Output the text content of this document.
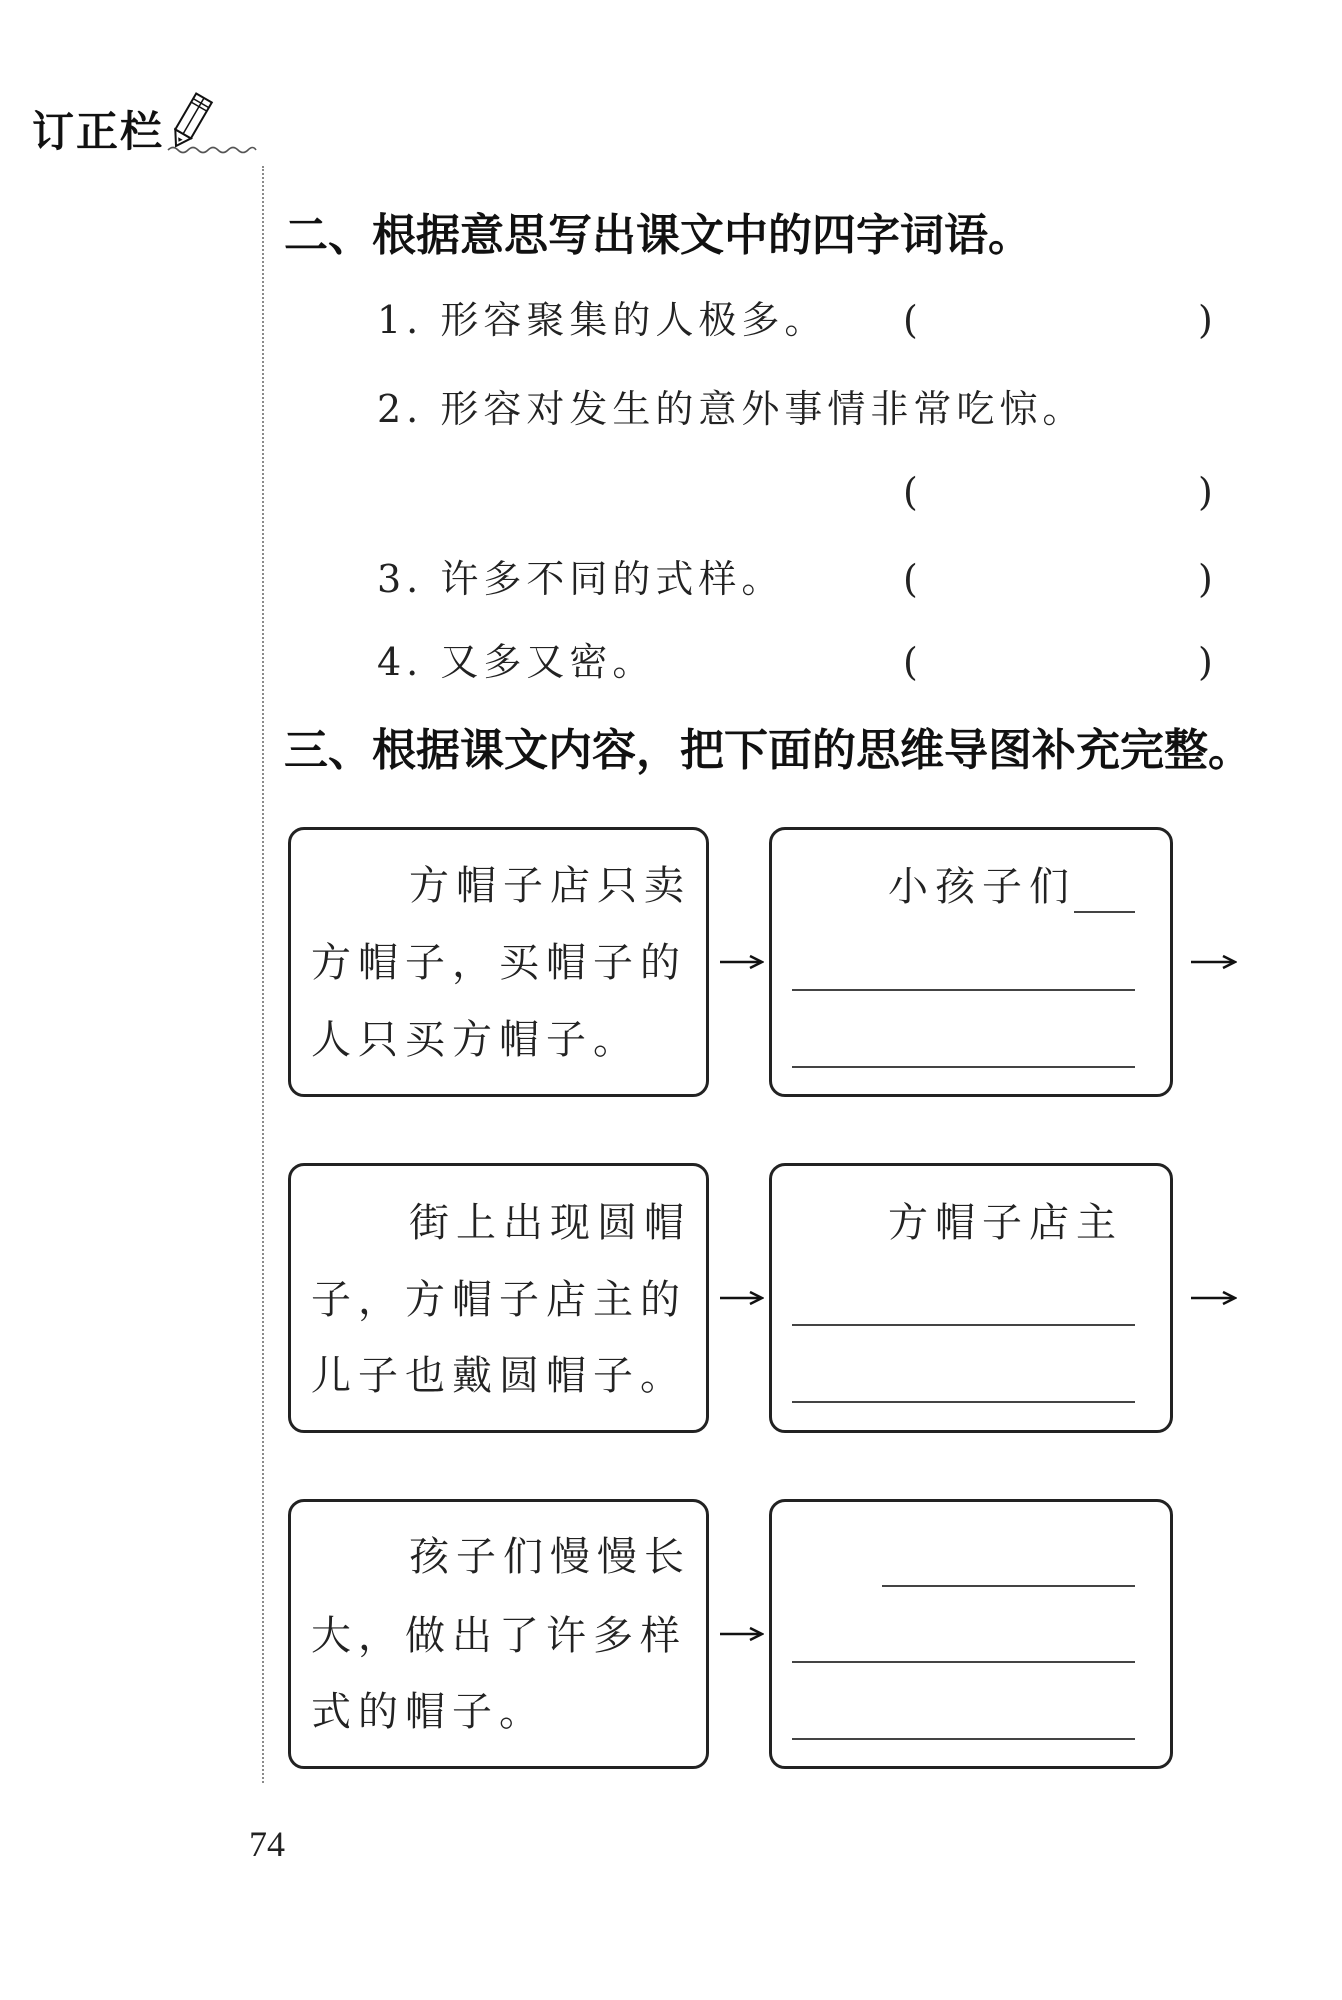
订正栏
二、根据意思写出课文中的四字词语。
1. 形容聚集的人极多。 (	)
2. 形容对发生的意外事情非常吃惊。
(	)
3. 许多不同的式样。	(	)
4. 又多又密。	(	)
三、根据课文内容，把下面的思维导图补充完整。
方帽子店只卖
方帽子，买帽子的
人只买方帽子。
小孩子们
街上出现圆帽
子，方帽子店主的
儿子也戴圆帽子。
方帽子店主
孩子们慢慢长
大，做出了许多样
式的帽子。
74
